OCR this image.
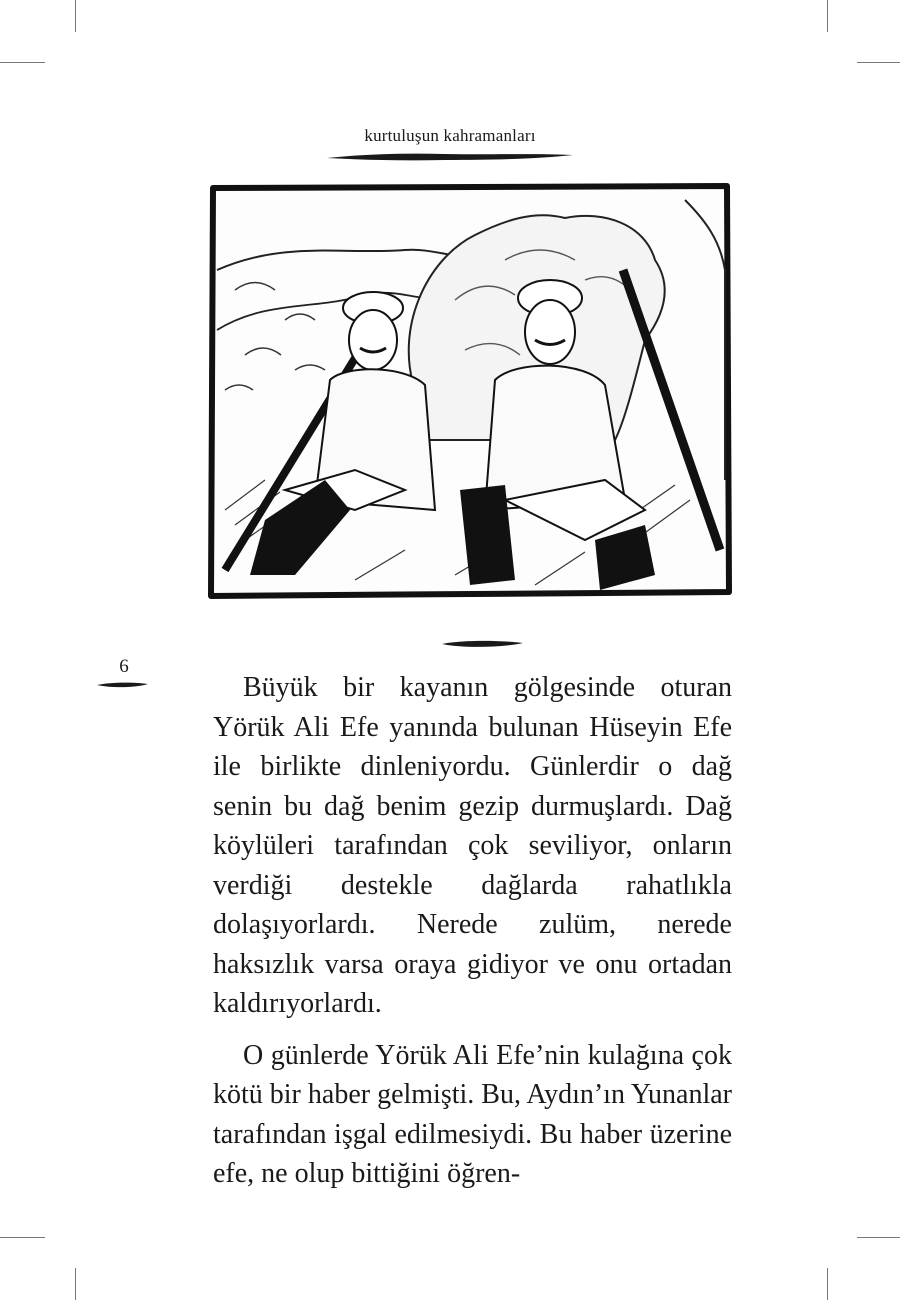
kurtuluşun kahramanları
6

Büyük bir kayanın gölgesinde oturan Yörük Ali Efe yanında bulunan Hüseyin Efe ile birlikte dinleniyordu. Günlerdir o dağ senin bu dağ benim gezip durmuşlardı. Dağ köylüleri tarafından çok seviliyor, onların verdiği destekle dağlarda rahatlıkla dolaşıyorlardı. Nerede zulüm, nerede haksızlık varsa oraya gidiyor ve onu ortadan kaldırıyorlardı.

O günlerde Yörük Ali Efe’nin kulağına çok kötü bir haber gelmişti. Bu, Aydın’ın Yunanlar tarafından işgal edilmesiydi. Bu haber üzerine efe, ne olup bittiğini öğren-
